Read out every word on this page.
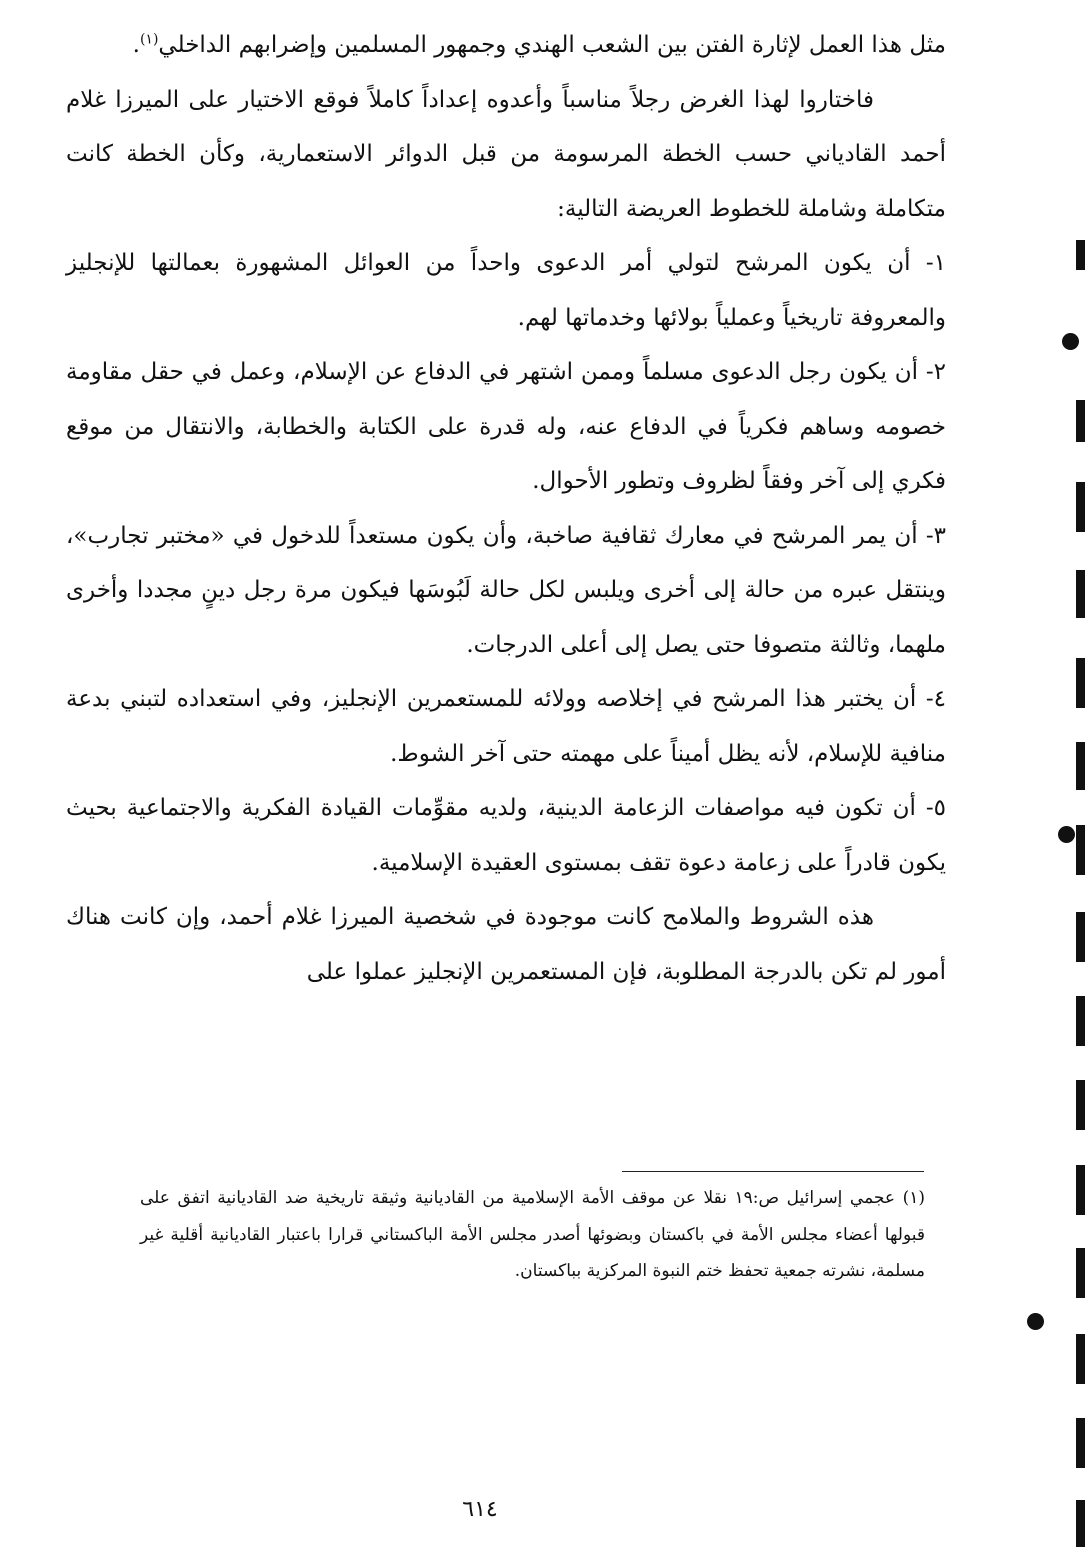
مثل هذا العمل لإثارة الفتن بين الشعب الهندي وجمهور المسلمين وإضرابهم الداخلي$^{(١)}$.

فاختاروا لهذا الغرض رجلاً مناسباً وأعدوه إعداداً كاملاً فوقع الاختيار على الميرزا غلام أحمد القادياني حسب الخطة المرسومة من قبل الدوائر الاستعمارية، وكأن الخطة كانت متكاملة وشاملة للخطوط العريضة التالية:

١- أن يكون المرشح لتولي أمر الدعوى واحداً من العوائل المشهورة بعمالتها للإنجليز والمعروفة تاريخياً وعملياً بولائها وخدماتها لهم.

٢- أن يكون رجل الدعوى مسلماً وممن اشتهر في الدفاع عن الإسلام، وعمل في حقل مقاومة خصومه وساهم فكرياً في الدفاع عنه، وله قدرة على الكتابة والخطابة، والانتقال من موقع فكري إلى آخر وفقاً لظروف وتطور الأحوال.

٣- أن يمر المرشح في معارك ثقافية صاخبة، وأن يكون مستعداً للدخول في «مختبر تجارب»، وينتقل عبره من حالة إلى أخرى ويلبس لكل حالة لَبُوسَها فيكون مرة رجل دينٍ مجددا وأخرى ملهما، وثالثة متصوفا حتى يصل إلى أعلى الدرجات.

٤- أن يختبر هذا المرشح في إخلاصه وولائه للمستعمرين الإنجليز، وفي استعداده لتبني بدعة منافية للإسلام، لأنه يظل أميناً على مهمته حتى آخر الشوط.

٥- أن تكون فيه مواصفات الزعامة الدينية، ولديه مقوِّمات القيادة الفكرية والاجتماعية بحيث يكون قادراً على زعامة دعوة تقف بمستوى العقيدة الإسلامية.

هذه الشروط والملامح كانت موجودة في شخصية الميرزا غلام أحمد، وإن كانت هناك أمور لم تكن بالدرجة المطلوبة، فإن المستعمرين الإنجليز عملوا على

(١) عجمي إسرائيل ص:١٩ نقلا عن موقف الأمة الإسلامية من القاديانية وثيقة تاريخية ضد القاديانية اتفق على قبولها أعضاء مجلس الأمة في باكستان وبضوئها أصدر مجلس الأمة الباكستاني قرارا باعتبار القاديانية أقلية غير مسلمة، نشرته جمعية تحفظ ختم النبوة المركزية بباكستان.

٦١٤
